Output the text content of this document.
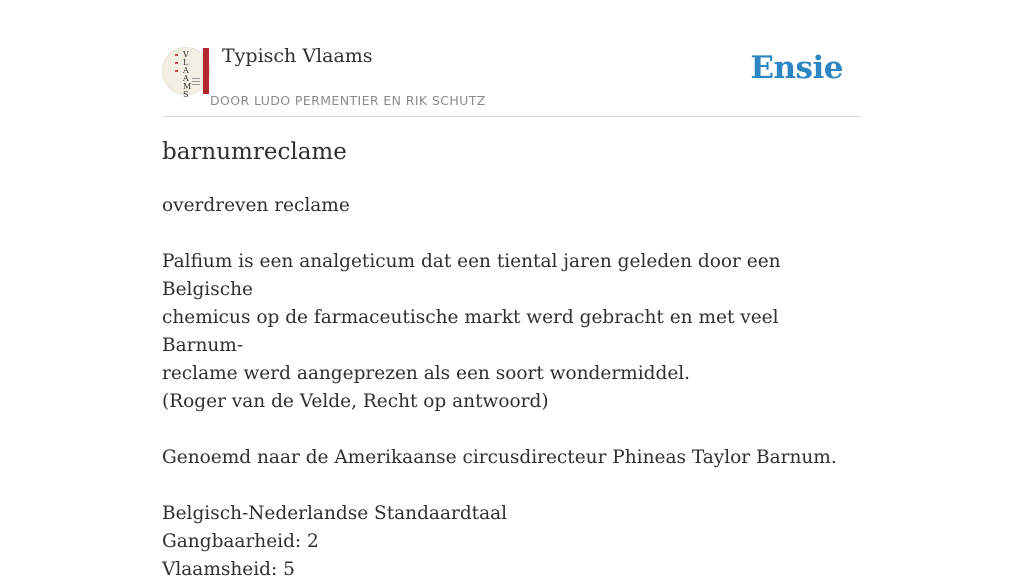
V
L
A
A
M
S
Typisch Vlaams
DOOR LUDO PERMENTIER EN RIK SCHUTZ
Ensie
barnumreclame

overdreven reclame

Palfium is een analgeticum dat een tiental jaren geleden door een Belgische

chemicus op de farmaceutische markt werd gebracht en met veel Barnum-

reclame werd aangeprezen als een soort wondermiddel.

(Roger van de Velde, Recht op antwoord)

Genoemd naar de Amerikaanse circusdirecteur Phineas Taylor Barnum.

Belgisch-Nederlandse Standaardtaal

Gangbaarheid: 2

Vlaamsheid: 5
